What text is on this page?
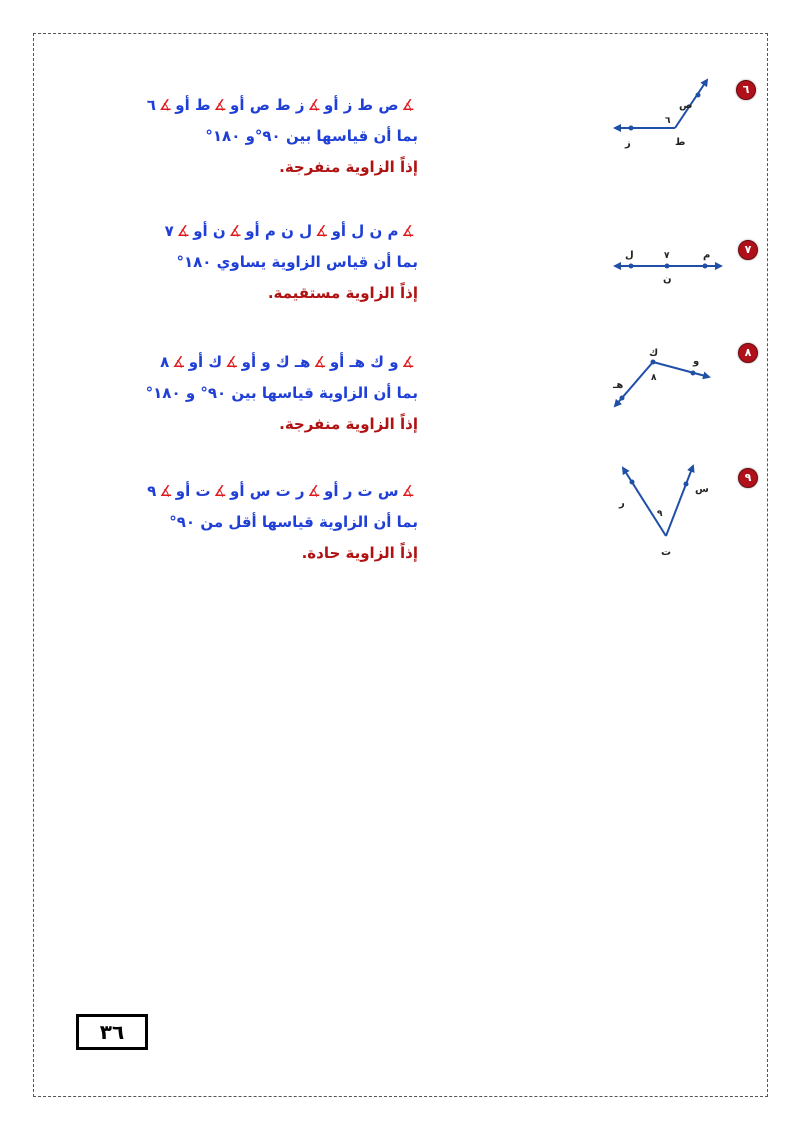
٦
ص
ز	ط
٦
∡ص ط ز أو∡ز ط ص أو∡ط أو∡٦
بما أن قياسها بين ٩٠°و ١٨٠°
إذاً الزاوية منفرجة.
٧
ل	٧	م
ن
∡م ن ل أو∡ل ن م أو∡ن أو∡٧
بما أن قياس الزاوية يساوي ١٨٠°
إذاً الزاوية مستقيمة.
٨
ك
و
٨
هـ
∡و ك هـ أو∡هـ ك و أو∡ك أو∡٨
بما أن الزاوية قياسها بين ٩٠° و ١٨٠°
إذاً الزاوية منفرجة.
٩
ر
س
٩
ت
∡س ت ر أو∡ر ت س أو∡ت أو∡٩
بما أن الزاوية قياسها أقل من ٩٠°
إذاً الزاوية حادة.
٣٦
